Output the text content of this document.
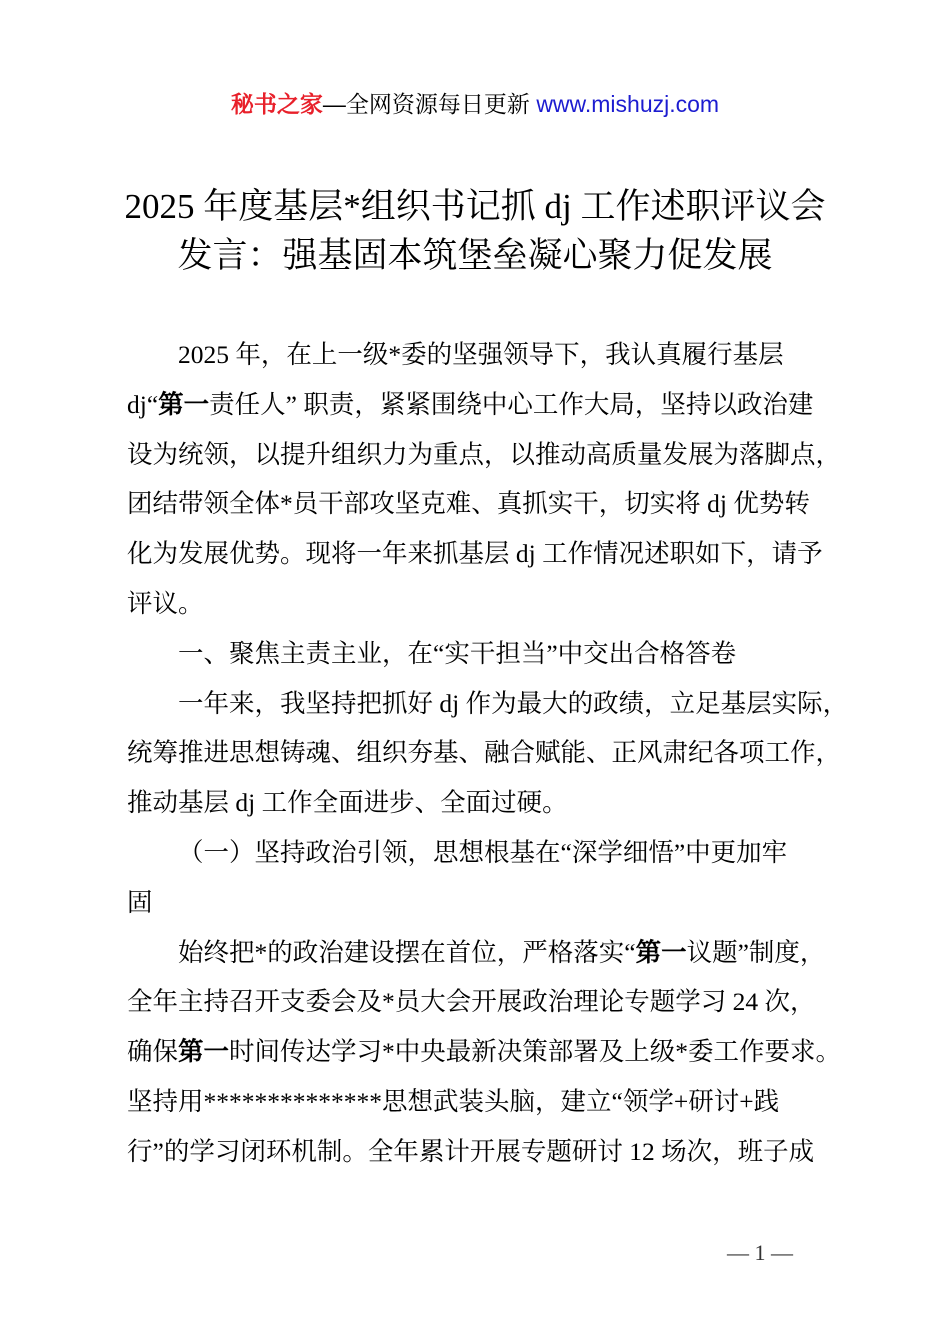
秘书之家—全网资源每日更新 www.mishuzj.com
2025 年度基层*组织书记抓 dj 工作述职评议会
发言：强基固本筑堡垒凝心聚力促发展
2025 年，在上一级*委的坚强领导下，我认真履行基层
dj“第一责任人” 职责，紧紧围绕中心工作大局，坚持以政治建
设为统领，以提升组织力为重点，以推动高质量发展为落脚点，
团结带领全体*员干部攻坚克难、真抓实干，切实将 dj 优势转
化为发展优势。现将一年来抓基层 dj 工作情况述职如下，请予
评议。
一、聚焦主责主业，在“实干担当”中交出合格答卷
一年来，我坚持把抓好 dj 作为最大的政绩，立足基层实际，
统筹推进思想铸魂、组织夯基、融合赋能、正风肃纪各项工作，
推动基层 dj 工作全面进步、全面过硬。
（一）坚持政治引领，思想根基在“深学细悟”中更加牢
固
始终把*的政治建设摆在首位，严格落实“第一议题”制度，
全年主持召开支委会及*员大会开展政治理论专题学习 24 次，
确保第一时间传达学习*中央最新决策部署及上级*委工作要求。
坚持用**************思想武装头脑，建立“领学+研讨+践
行”的学习闭环机制。全年累计开展专题研讨 12 场次，班子成
— 1 —
